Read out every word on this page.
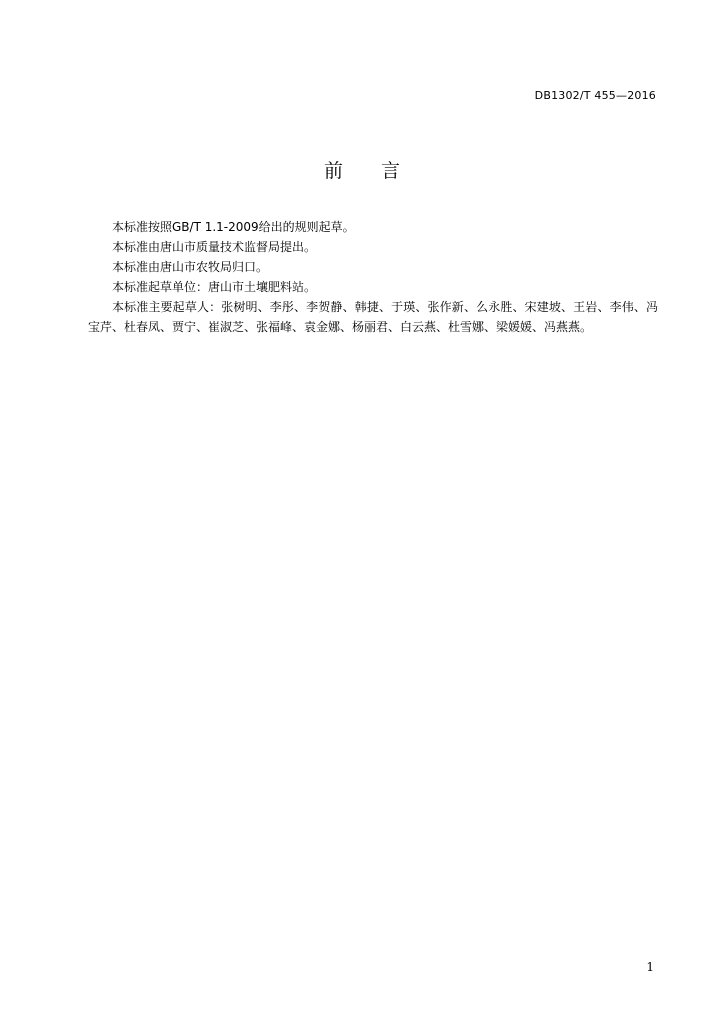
DB1302/T 455—2016
前　　言

本标准按照GB/T 1.1-2009给出的规则起草。

本标准由唐山市质量技术监督局提出。

本标准由唐山市农牧局归口。

本标准起草单位：唐山市土壤肥料站。

本标准主要起草人：张树明、李彤、李贺静、韩捷、于瑛、张作新、么永胜、宋建坡、王岩、李伟、冯宝芹、杜春凤、贾宁、崔淑芝、张福峰、袁金娜、杨丽君、白云燕、杜雪娜、梁媛媛、冯燕燕。

1
